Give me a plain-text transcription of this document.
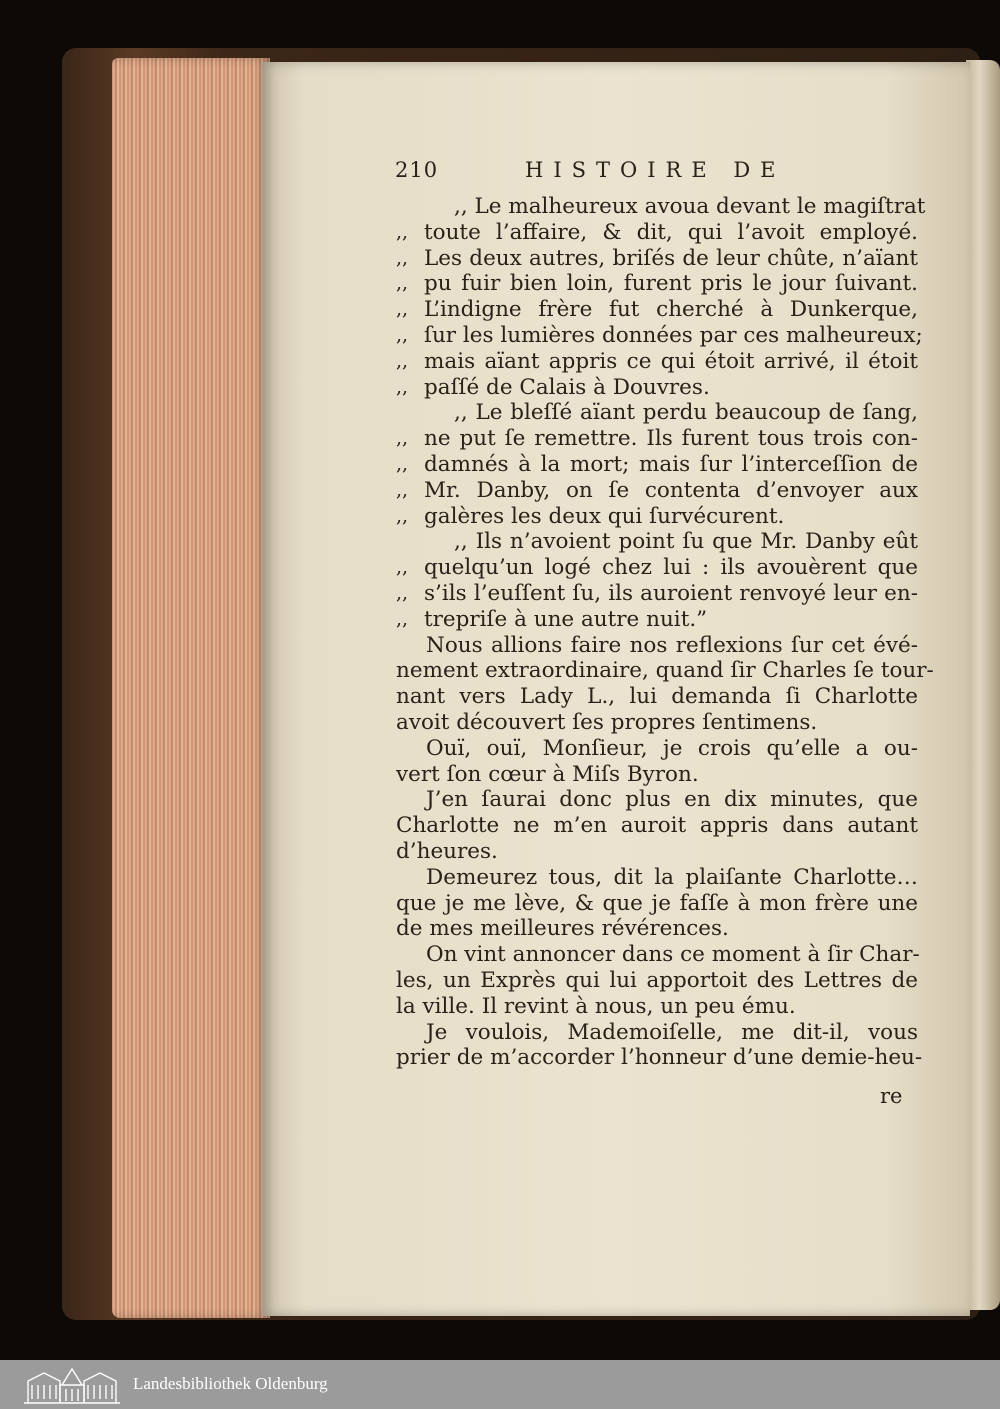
210	HISTOIRE DE
,, Le malheureux avoua devant le magiſtrat
,, toute l’affaire, & dit, qui l’avoit employé.
,, Les deux autres, briſés de leur chûte, n’aïant
,, pu fuir bien loin, furent pris le jour ſuivant.
,, L’indigne frère fut cherché à Dunkerque,
,, ſur les lumières données par ces malheureux;
,, mais aïant appris ce qui étoit arrivé, il étoit
,, paſſé de Calais à Douvres.
,, Le bleſſé aïant perdu beaucoup de ſang,
,, ne put ſe remettre. Ils furent tous trois con-
,, damnés à la mort; mais ſur l’interceſſion de
,, Mr. Danby, on ſe contenta d’envoyer aux
,, galères les deux qui ſurvécurent.
,, Ils n’avoient point ſu que Mr. Danby eût
,, quelqu’un logé chez lui : ils avouèrent que
,, s’ils l’euſſent ſu, ils auroient renvoyé leur en-
,, trepriſe à une autre nuit.”
Nous allions faire nos reflexions ſur cet évé-
nement extraordinaire, quand ſir Charles ſe tour-
nant vers Lady L., lui demanda ſi Charlotte
avoit découvert ſes propres ſentimens.
Ouï, ouï, Monſieur, je crois qu’elle a ou-
vert ſon cœur à Miſs Byron.
J’en ſaurai donc plus en dix minutes, que
Charlotte ne m’en auroit appris dans autant
d’heures.
Demeurez tous, dit la plaiſante Charlotte…
que je me lève, & que je faſſe à mon frère une
de mes meilleures révérences.
On vint annoncer dans ce moment à ſir Char-
les, un Exprès qui lui apportoit des Lettres de
la ville. Il revint à nous, un peu ému.
Je voulois, Mademoiſelle, me dit-il, vous
prier de m’accorder l’honneur d’une demie-heu-
re
Landesbibliothek Oldenburg
